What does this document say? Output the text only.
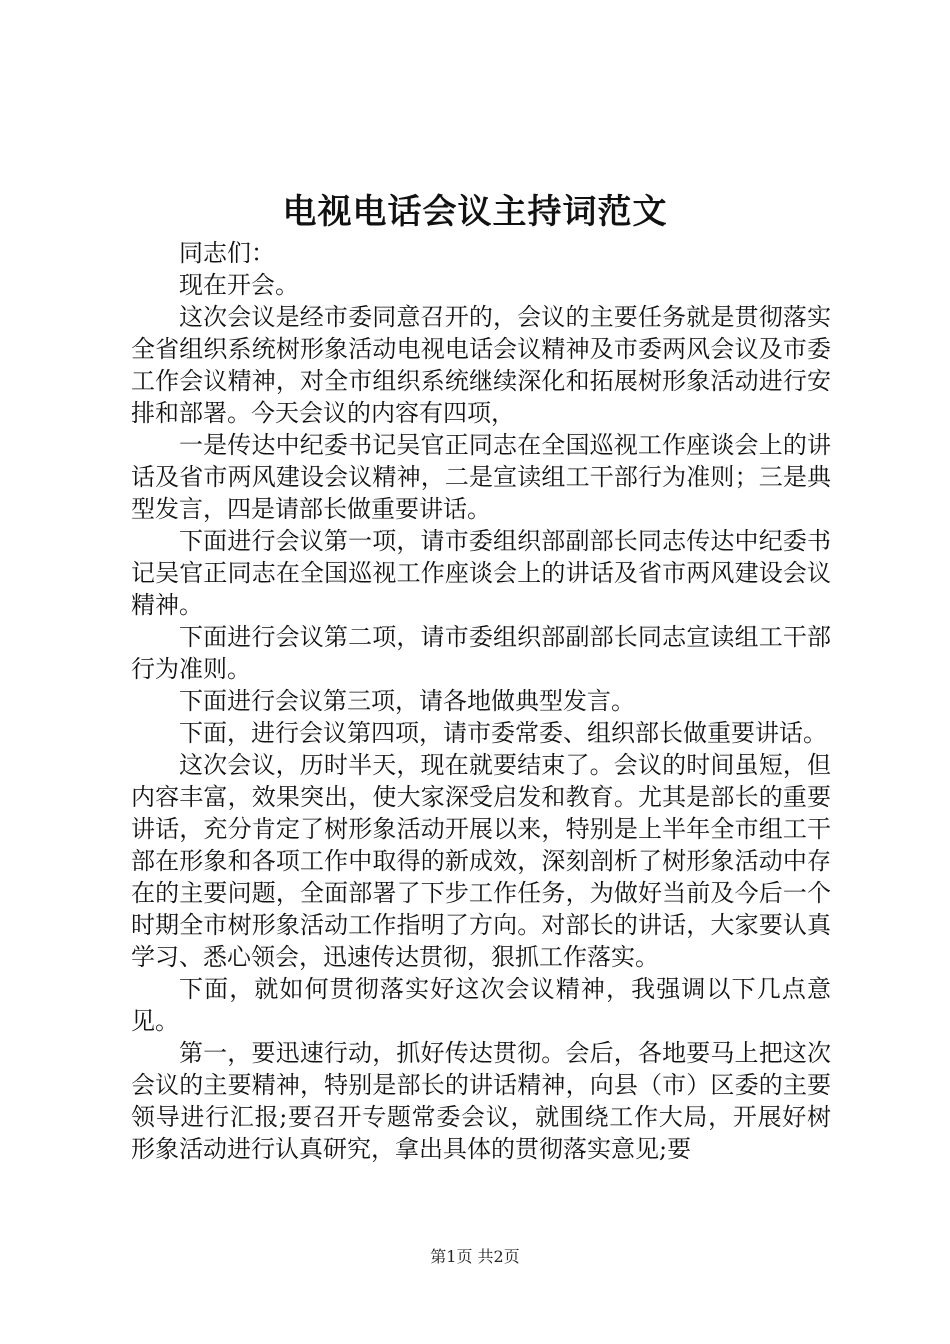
电视电话会议主持词范文

同志们：

现在开会。

这次会议是经市委同意召开的，会议的主要任务就是贯彻落实全省组织系统树形象活动电视电话会议精神及市委两风会议及市委工作会议精神，对全市组织系统继续深化和拓展树形象活动进行安排和部署。今天会议的内容有四项，

一是传达中纪委书记吴官正同志在全国巡视工作座谈会上的讲话及省市两风建设会议精神，二是宣读组工干部行为准则；三是典型发言，四是请部长做重要讲话。

下面进行会议第一项，请市委组织部副部长同志传达中纪委书记吴官正同志在全国巡视工作座谈会上的讲话及省市两风建设会议精神。

下面进行会议第二项，请市委组织部副部长同志宣读组工干部行为准则。

下面进行会议第三项，请各地做典型发言。

下面，进行会议第四项，请市委常委、组织部长做重要讲话。

这次会议，历时半天，现在就要结束了。会议的时间虽短，但内容丰富，效果突出，使大家深受启发和教育。尤其是部长的重要讲话，充分肯定了树形象活动开展以来，特别是上半年全市组工干部在形象和各项工作中取得的新成效，深刻剖析了树形象活动中存在的主要问题，全面部署了下步工作任务，为做好当前及今后一个时期全市树形象活动工作指明了方向。对部长的讲话，大家要认真学习、悉心领会，迅速传达贯彻，狠抓工作落实。

下面，就如何贯彻落实好这次会议精神，我强调以下几点意见。

第一，要迅速行动，抓好传达贯彻。会后，各地要马上把这次会议的主要精神，特别是部长的讲话精神，向县（市）区委的主要领导进行汇报;要召开专题常委会议，就围绕工作大局，开展好树形象活动进行认真研究，拿出具体的贯彻落实意见;要

第1页 共2页
